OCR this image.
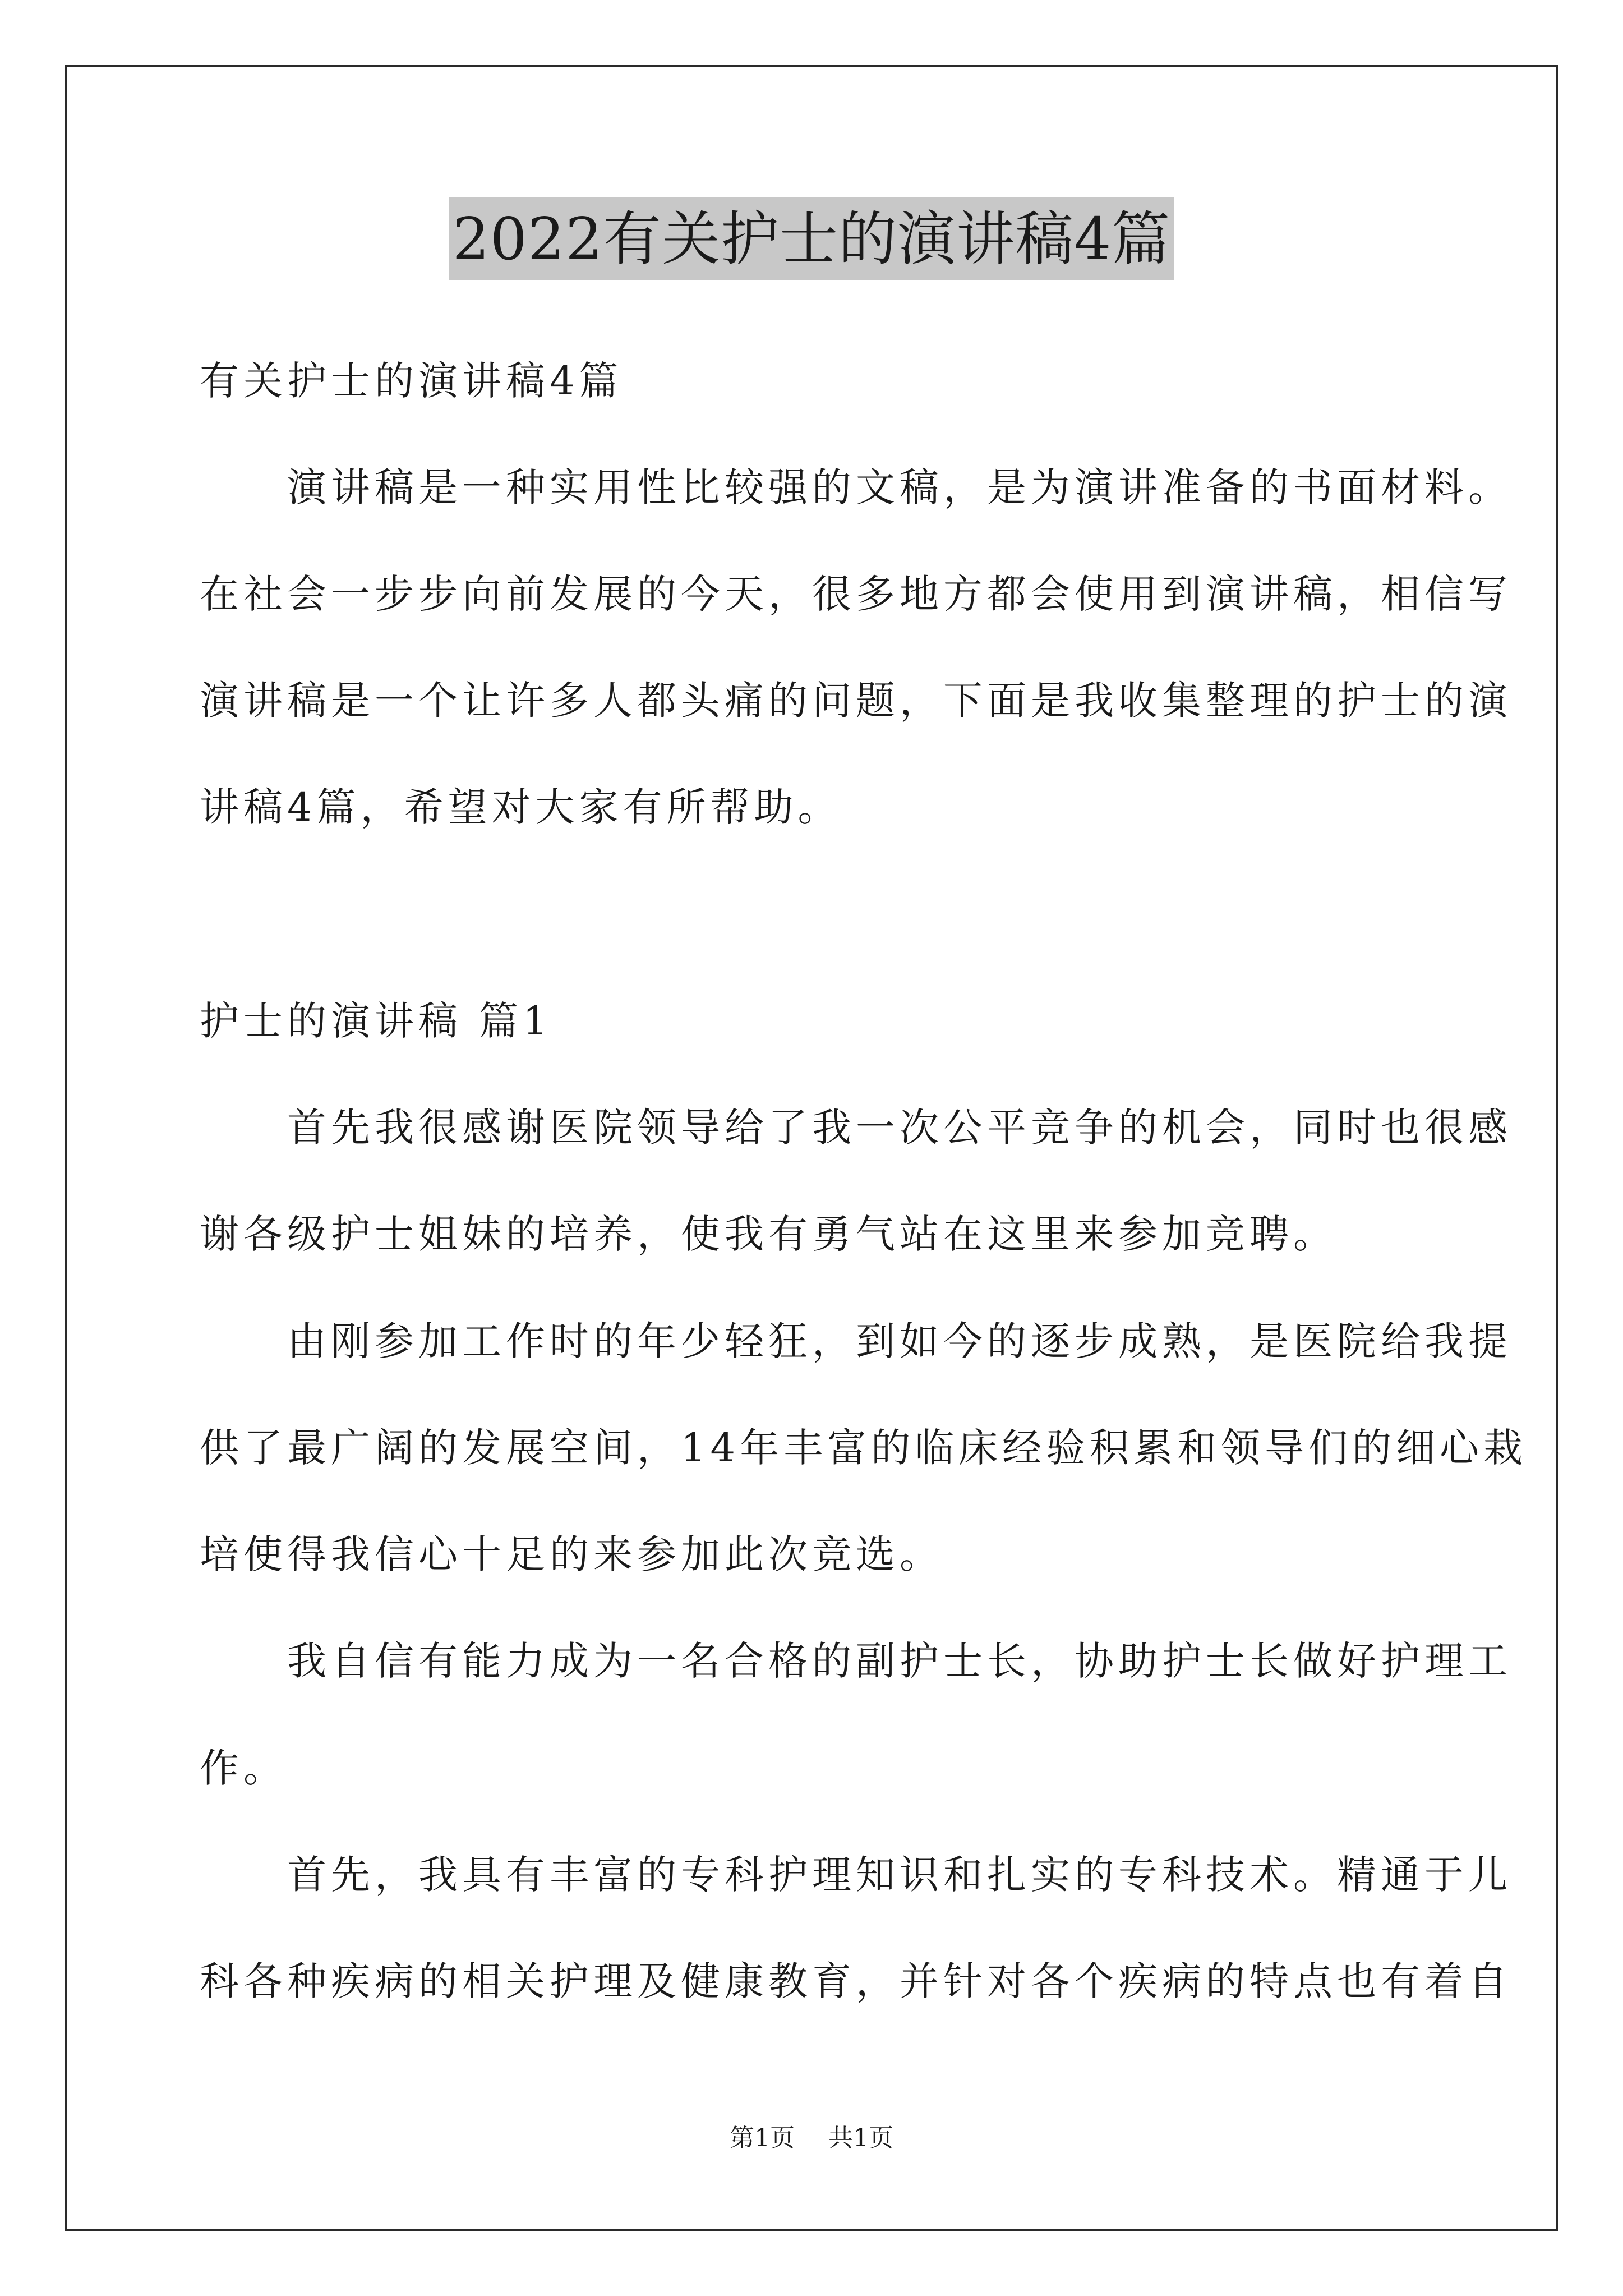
2022有关护士的演讲稿4篇
有关护士的演讲稿4篇
　　演讲稿是一种实用性比较强的文稿，是为演讲准备的书面材料。
在社会一步步向前发展的今天，很多地方都会使用到演讲稿，相信写
演讲稿是一个让许多人都头痛的问题，下面是我收集整理的护士的演
讲稿4篇，希望对大家有所帮助。
护士的演讲稿 篇1
　　首先我很感谢医院领导给了我一次公平竞争的机会，同时也很感
谢各级护士姐妹的培养，使我有勇气站在这里来参加竞聘。
　　由刚参加工作时的年少轻狂，到如今的逐步成熟，是医院给我提
供了最广阔的发展空间，14年丰富的临床经验积累和领导们的细心栽
培使得我信心十足的来参加此次竞选。
　　我自信有能力成为一名合格的副护士长，协助护士长做好护理工
作。
　　首先，我具有丰富的专科护理知识和扎实的专科技术。精通于儿
科各种疾病的相关护理及健康教育，并针对各个疾病的特点也有着自
第1页 共1页
